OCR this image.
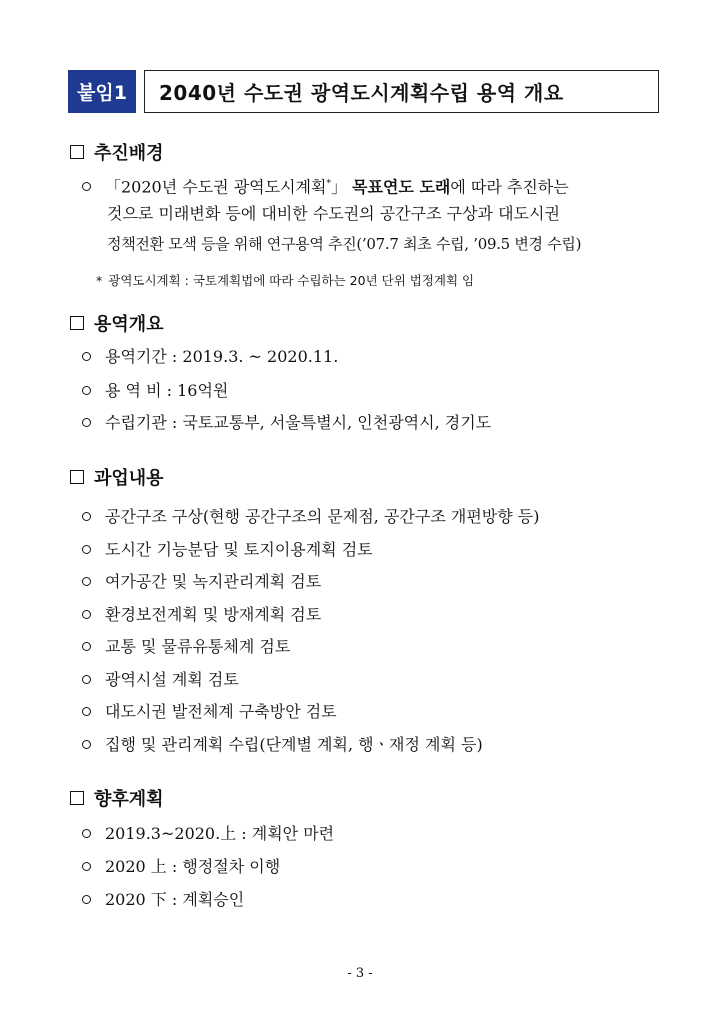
붙임1	2040년 수도권 광역도시계획수립 용역 개요
추진배경
「2020년 수도권 광역도시계획*」 목표연도 도래에 따라 추진하는
것으로 미래변화 등에 대비한 수도권의 공간구조 구상과 대도시권
정책전환 모색 등을 위해 연구용역 추진(’07.7 최초 수립, ’09.5 변경 수립)
* 광역도시계획 : 국토계획법에 따라 수립하는 20년 단위 법정계획 임
용역개요
용역기간 : 2019.3. ~ 2020.11.
용 역 비 : 16억원
수립기관 : 국토교통부, 서울특별시, 인천광역시, 경기도
과업내용
공간구조 구상(현행 공간구조의 문제점, 공간구조 개편방향 등)
도시간 기능분담 및 토지이용계획 검토
여가공간 및 녹지관리계획 검토
환경보전계획 및 방재계획 검토
교통 및 물류유통체계 검토
광역시설 계획 검토
대도시권 발전체계 구축방안 검토
집행 및 관리계획 수립(단계별 계획, 행ㆍ재정 계획 등)
향후계획
2019.3~2020.上 : 계획안 마련
2020 上 : 행정절차 이행
2020 下 : 계획승인
- 3 -
